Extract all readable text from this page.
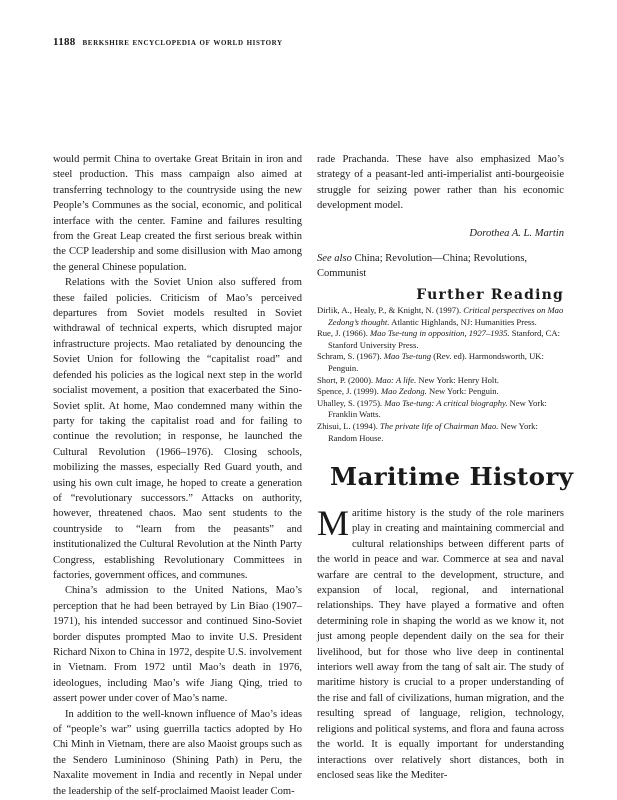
1188 berkshire encyclopedia of world history

would permit China to overtake Great Britain in iron and steel production. This mass campaign also aimed at transferring technology to the countryside using the new People’s Communes as the social, economic, and political interface with the center. Famine and failures resulting from the Great Leap created the first serious break within the CCP leadership and some disillusion with Mao among the general Chinese population.

Relations with the Soviet Union also suffered from these failed policies. Criticism of Mao’s perceived departures from Soviet models resulted in Soviet withdrawal of technical experts, which disrupted major infrastructure projects. Mao retaliated by denouncing the Soviet Union for following the “capitalist road” and defended his policies as the logical next step in the world socialist movement, a position that exacerbated the Sino-Soviet split. At home, Mao condemned many within the party for taking the capitalist road and for failing to continue the revolution; in response, he launched the Cultural Revolution (1966–1976). Closing schools, mobilizing the masses, especially Red Guard youth, and using his own cult image, he hoped to create a generation of “revolutionary successors.” Attacks on authority, however, threatened chaos. Mao sent students to the countryside to “learn from the peasants” and institutionalized the Cultural Revolution at the Ninth Party Congress, establishing Revolutionary Committees in factories, government offices, and communes.

China’s admission to the United Nations, Mao’s perception that he had been betrayed by Lin Biao (1907–1971), his intended successor and continued Sino-Soviet border disputes prompted Mao to invite U.S. President Richard Nixon to China in 1972, despite U.S. involvement in Vietnam. From 1972 until Mao’s death in 1976, ideologues, including Mao’s wife Jiang Qing, tried to assert power under cover of Mao’s name.

In addition to the well-known influence of Mao’s ideas of “people’s war” using guerrilla tactics adopted by Ho Chi Minh in Vietnam, there are also Maoist groups such as the Sendero Lumininoso (Shining Path) in Peru, the Naxalite movement in India and recently in Nepal under the leadership of the self-proclaimed Maoist leader Com-

rade Prachanda. These have also emphasized Mao’s strategy of a peasant-led anti-imperialist anti-bourgeoisie struggle for seizing power rather than his economic development model.

Dorothea A. L. Martin

See also China; Revolution—China; Revolutions, Communist

Further Reading

Dirlik, A., Healy, P., & Knight, N. (1997). Critical perspectives on Mao Zedong’s thought. Atlantic Highlands, NJ: Humanities Press.

Rue, J. (1966). Mao Tse-tung in opposition, 1927–1935. Stanford, CA: Stanford University Press.

Schram, S. (1967). Mao Tse-tung (Rev. ed). Harmondsworth, UK: Penguin.

Short, P. (2000). Mao: A life. New York: Henry Holt.

Spence, J. (1999). Mao Zedong. New York: Penguin.

Uhalley, S. (1975). Mao Tse-tung: A critical biography. New York: Franklin Watts.

Zhisui, L. (1994). The private life of Chairman Mao. New York: Random House.

Maritime History

Maritime history is the study of the role mariners play in creating and maintaining commercial and cultural relationships between different parts of the world in peace and war. Commerce at sea and naval warfare are central to the development, structure, and expansion of local, regional, and international relationships. They have played a formative and often determining role in shaping the world as we know it, not just among people dependent daily on the sea for their livelihood, but for those who live deep in continental interiors well away from the tang of salt air. The study of maritime history is crucial to a proper understanding of the rise and fall of civilizations, human migration, and the resulting spread of language, religion, technology, religions and political systems, and flora and fauna across the world. It is equally important for understanding interactions over relatively short distances, both in enclosed seas like the Mediter-
